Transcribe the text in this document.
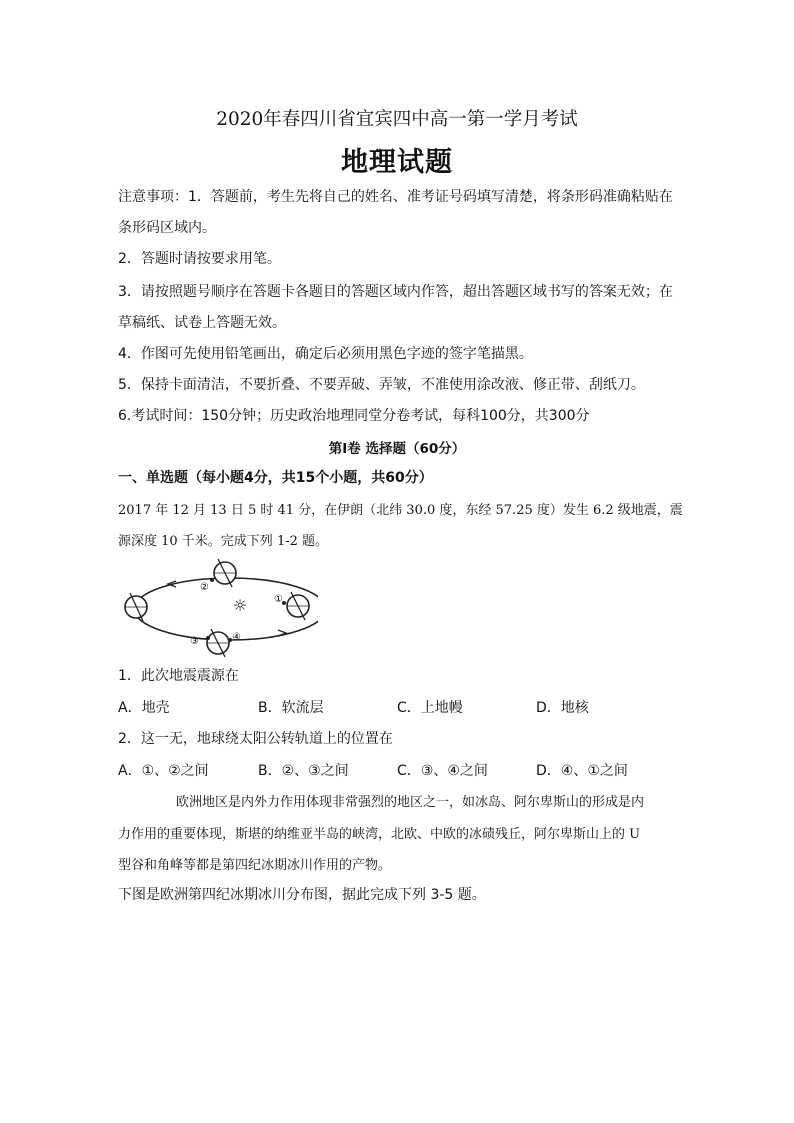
2020年春四川省宜宾四中高一第一学月考试
地理试题
注意事项：1．答题前，考生先将自己的姓名、准考证号码填写清楚，将条形码准确粘贴在
条形码区域内。
2．答题时请按要求用笔。
3．请按照题号顺序在答题卡各题目的答题区域内作答，超出答题区域书写的答案无效；在
草稿纸、试卷上答题无效。
4．作图可先使用铅笔画出，确定后必须用黑色字迹的签字笔描黑。
5．保持卡面清洁，不要折叠、不要弄破、弄皱，不准使用涂改液、修正带、刮纸刀。
6.考试时间：150分钟；历史政治地理同堂分卷考试，每科100分，共300分
第Ⅰ卷 选择题（60分）
一、单选题（每小题4分，共15个小题，共60分）
2017 年 12 月 13 日 5 时 41 分，在伊朗（北纬 30.0 度，东经 57.25 度）发生 6.2 级地震，震
源深度 10 千米。完成下列 1-2 题。
☼
②
①
③	④
1．此次地震震源在
A．地壳	B．软流层	C．上地幔	D．地核
2．这一无，地球绕太阳公转轨道上的位置在
A．①、②之间	B．②、③之间	C．③、④之间	D．④、①之间
欧洲地区是内外力作用体现非常强烈的地区之一，如冰岛、阿尔卑斯山的形成是内
力作用的重要体现，斯堪的纳维亚半岛的峡湾，北欧、中欧的冰碛残丘，阿尔卑斯山上的 U
型谷和角峰等都是第四纪冰期冰川作用的产物。
下图是欧洲第四纪冰期冰川分布图，据此完成下列 3-5 题。
